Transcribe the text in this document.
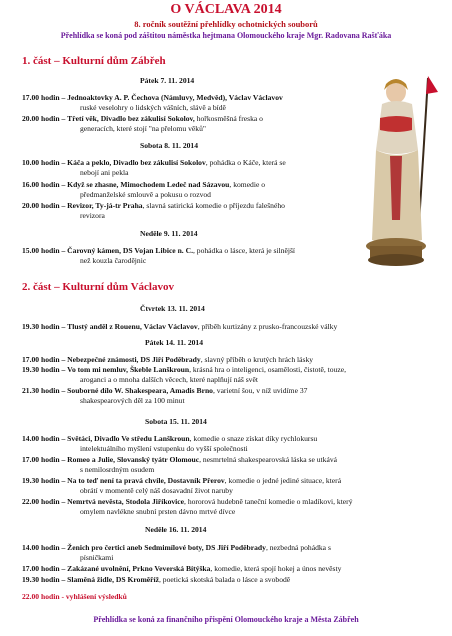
O VÁCLAVA 2014
8. ročník soutěžní přehlídky ochotnických souborů
Přehlídka se koná pod záštitou náměstka hejtmana Olomouckého kraje Mgr. Radovana Rašťáka
1. část – Kulturní dům Zábřeh
Pátek 7. 11. 2014
17.00 hodin – Jednoaktovky A. P. Čechova (Námluvy, Medvěd), Václav Václavov
ruské veselohry o lidských vášních, slávě a bídě
20.00 hodin – Třetí věk, Divadlo bez zákulisí Sokolov, hořkosměšná freska o
generacích, které stojí "na přelomu věků"
Sobota 8. 11. 2014
10.00 hodin – Káča a peklo, Divadlo bez zákulisí Sokolov, pohádka o Káče, která se
nebojí ani pekla
16.00 hodin – Když se zhasne, Mimochodem Ledeč nad Sázavou, komedie o
předmanželské smlouvě a pokusu o rozvod
20.00 hodin – Revizor, Ty-já-tr Praha, slavná satirická komedie o příjezdu falešného
revizora
Neděle 9. 11. 2014
15.00 hodin – Čarovný kámen, DS Vojan Libice n. C., pohádka o lásce, která je silnější
než kouzla čarodějnic
2. část – Kulturní dům Václavov
Čtvrtek 13. 11. 2014
19.30 hodin – Tlustý anděl z Rouenu, Václav Václavov, příběh kurtizány z prusko-francouzské války
Pátek 14. 11. 2014
17.00 hodin – Nebezpečné známosti, DS Jiří Poděbrady, slavný příběh o krutých hrách lásky
19.30 hodin – Vo tom mi nemluv, Škeble Lanškroun, krásná hra o inteligenci, osamělosti, čistotě, touze,
aroganci a o mnoha dalších věcech, které naplňují náš svět
21.30 hodin – Souborné dílo W. Shakespeara, Amadis Brno, varietní šou, v níž uvidíme 37
shakespearových děl za 100 minut
Sobota 15. 11. 2014
14.00 hodin – Světáci, Divadlo Ve středu Lanškroun, komedie o snaze získat díky rychlokursu
intelektuálního myšlení vstupenku do vyšší společnosti
17.00 hodin – Romeo a Julie, Slovanský tyátr Olomouc, nesmrtelná shakespearovská láska se utkává
s nemilosrdným osudem
19.30 hodin – Na to teď není ta pravá chvíle, Dostavník Přerov, komedie o jedné jediné situace, která
obrátí v momentě celý náš dosavadní život naruby
22.00 hodin – Nemrtvá nevěsta, Stodola Jiříkovice, hororová hudebně taneční komedie o mladíkovi, který
omylem navlékne snubní prsten dávno mrtvé dívce
Neděle 16. 11. 2014
14.00 hodin – Ženich pro čertici aneb Sedmimílové boty, DS Jiří Poděbrady, nezbedná pohádka s
písničkami
17.00 hodin – Zakázané uvolnění, Prkno Veverská Bítýška, komedie, která spojí hokej a únos nevěsty
19.30 hodin – Slaměná židle, DS Kroměříž, poetická skotská balada o lásce a svobodě
22.00 hodin - vyhlášení výsledků
Přehlídka se koná za finančního přispění Olomouckého kraje a Města Zábřeh
